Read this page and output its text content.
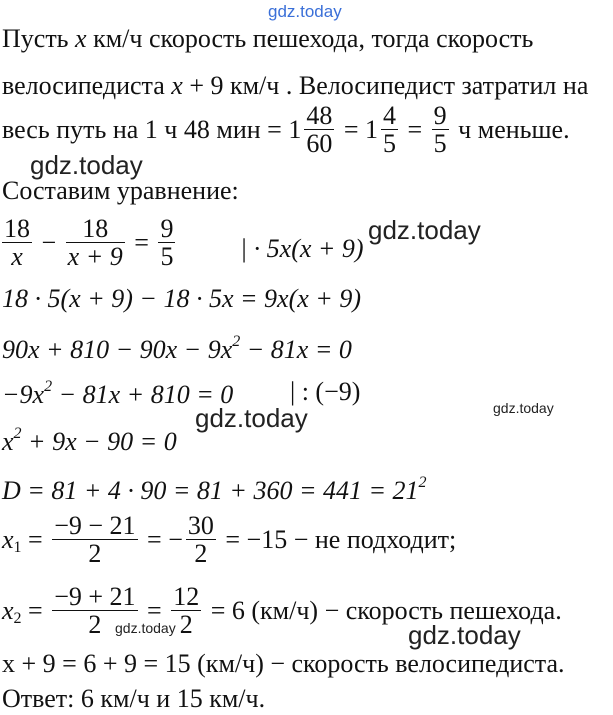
gdz.today
gdz.today
gdz.today
gdz.today	gdz.today
gdz.today	gdz.today
Пусть x км/ч скорость пешехода, тогда скорость
велосипедиста x + 9 км/ч . Велосипедист затратил на
весь путь на 1 ч 48 мин = $1 \frac{48}{60} = 1 \frac{4}{5} = \frac{9}{5}$ ч меньше.
Составим уравнение:
$\frac{18}{x} - \frac{18}{x + 9} = \frac{9}{5}$ | · 5x(x + 9)
18 · 5(x + 9) − 18 · 5x = 9x(x + 9)
$90x + 810 - 90x - 9x^2 - 81x = 0$
$-9x^2 - 81x + 810 = 0$ | : (−9)
$x^2 + 9x - 90 = 0$
$D = 81 + 4 \cdot 90 = 81 + 360 = 441 = 21^2$
$x_1 = \frac{-9 - 21}{2}$ = − $\frac{30}{2} = -15$ − не подходит;
$x_2 = \frac{-9 + 21}{2} = \frac{12}{2} = 6$ (км/ч) − скорость пешехода.
x + 9 = 6 + 9 = 15 (км/ч) − скорость велосипедиста.
Ответ: 6 км/ч и 15 км/ч.
